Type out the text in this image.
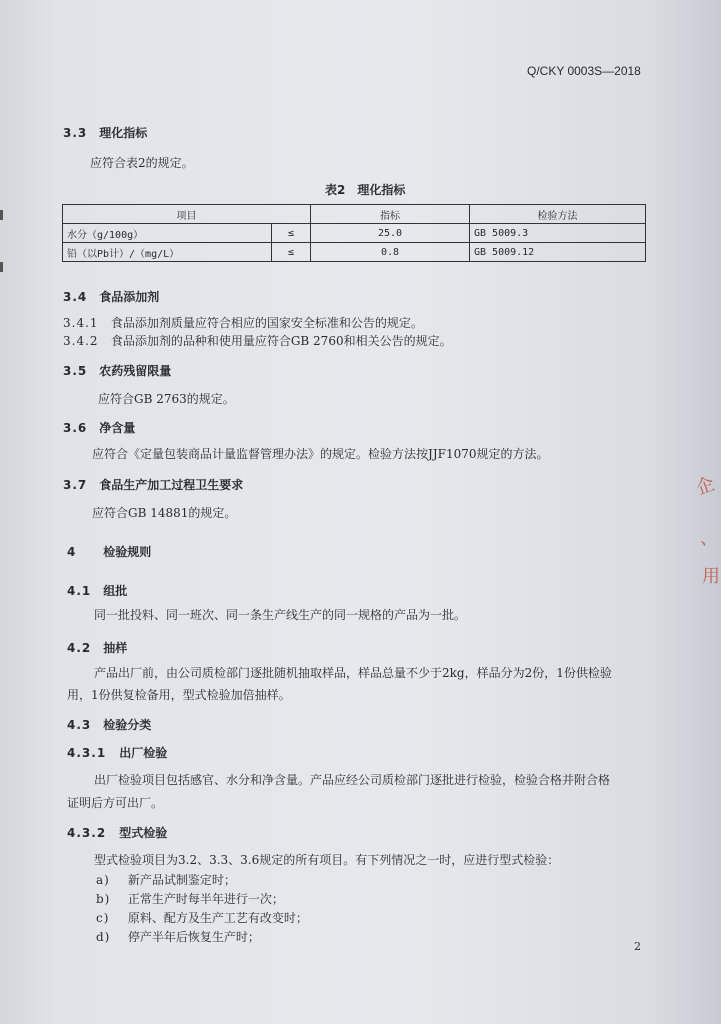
Q/CKY 0003S—2018
3.3 理化指标
应符合表2的规定。
表2　理化指标
项目		指标	检验方法
水分（g/100g）	≤	25.0	GB 5009.3
铅（以Pb计）/（mg/L）	≤	0.8	GB 5009.12
3.4 食品添加剂
3.4.1 食品添加剂质量应符合相应的国家安全标准和公告的规定。
3.4.2 食品添加剂的品种和使用量应符合GB 2760和相关公告的规定。
3.5 农药残留限量
应符合GB 2763的规定。
3.6 净含量
应符合《定量包装商品计量监督管理办法》的规定。检验方法按JJF1070规定的方法。
3.7 食品生产加工过程卫生要求
应符合GB 14881的规定。
4 检验规则
4.1 组批
同一批投料、同一班次、同一条生产线生产的同一规格的产品为一批。
4.2 抽样
产品出厂前，由公司质检部门逐批随机抽取样品，样品总量不少于2kg，样品分为2份，1份供检验
用，1份供复检备用，型式检验加倍抽样。
4.3 检验分类
4.3.1 出厂检验
出厂检验项目包括感官、水分和净含量。产品应经公司质检部门逐批进行检验，检验合格并附合格
证明后方可出厂。
4.3.2 型式检验
型式检验项目为3.2、3.3、3.6规定的所有项目。有下列情况之一时，应进行型式检验：
a) 新产品试制鉴定时；
b) 正常生产时每半年进行一次；
c) 原料、配方及生产工艺有改变时；
d) 停产半年后恢复生产时；
2
企
、
用
